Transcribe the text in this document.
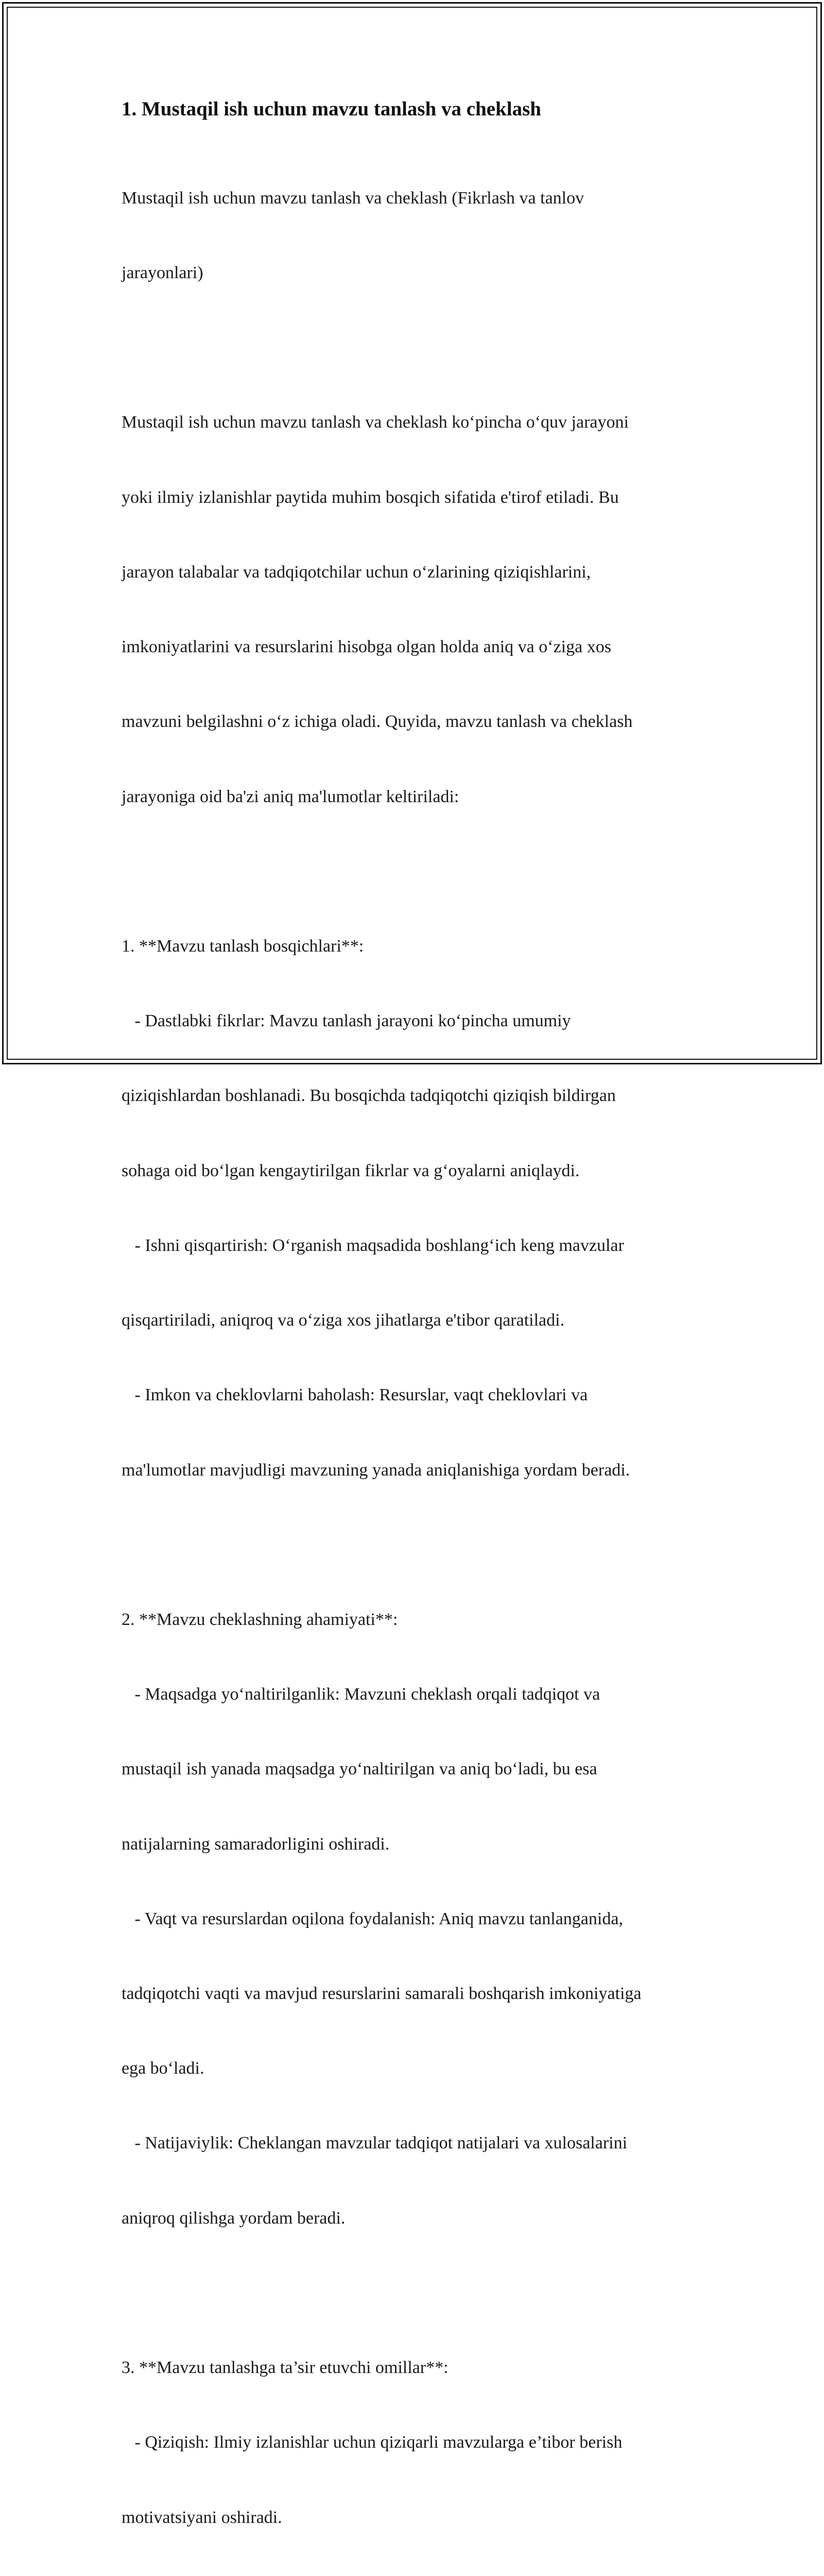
1. Mustaqil ish uchun mavzu tanlash va cheklash

Mustaqil ish uchun mavzu tanlash va cheklash (Fikrlash va tanlov

jarayonlari)

Mustaqil ish uchun mavzu tanlash va cheklash ko‘pincha o‘quv jarayoni

yoki ilmiy izlanishlar paytida muhim bosqich sifatida e'tirof etiladi. Bu

jarayon talabalar va tadqiqotchilar uchun o‘zlarining qiziqishlarini,

imkoniyatlarini va resurslarini hisobga olgan holda aniq va o‘ziga xos

mavzuni belgilashni o‘z ichiga oladi. Quyida, mavzu tanlash va cheklash

jarayoniga oid ba'zi aniq ma'lumotlar keltiriladi:

1. **Mavzu tanlash bosqichlari**:

- Dastlabki fikrlar: Mavzu tanlash jarayoni ko‘pincha umumiy

qiziqishlardan boshlanadi. Bu bosqichda tadqiqotchi qiziqish bildirgan

sohaga oid bo‘lgan kengaytirilgan fikrlar va g‘oyalarni aniqlaydi.

- Ishni qisqartirish: O‘rganish maqsadida boshlang‘ich keng mavzular

qisqartiriladi, aniqroq va o‘ziga xos jihatlarga e'tibor qaratiladi.

- Imkon va cheklovlarni baholash: Resurslar, vaqt cheklovlari va

ma'lumotlar mavjudligi mavzuning yanada aniqlanishiga yordam beradi.

2. **Mavzu cheklashning ahamiyati**:

- Maqsadga yo‘naltirilganlik: Mavzuni cheklash orqali tadqiqot va

mustaqil ish yanada maqsadga yo‘naltirilgan va aniq bo‘ladi, bu esa

natijalarning samaradorligini oshiradi.

- Vaqt va resurslardan oqilona foydalanish: Aniq mavzu tanlanganida,

tadqiqotchi vaqti va mavjud resurslarini samarali boshqarish imkoniyatiga

ega bo‘ladi.

- Natijaviylik: Cheklangan mavzular tadqiqot natijalari va xulosalarini

aniqroq qilishga yordam beradi.

3. **Mavzu tanlashga ta’sir etuvchi omillar**:

- Qiziqish: Ilmiy izlanishlar uchun qiziqarli mavzularga e’tibor berish

motivatsiyani oshiradi.
